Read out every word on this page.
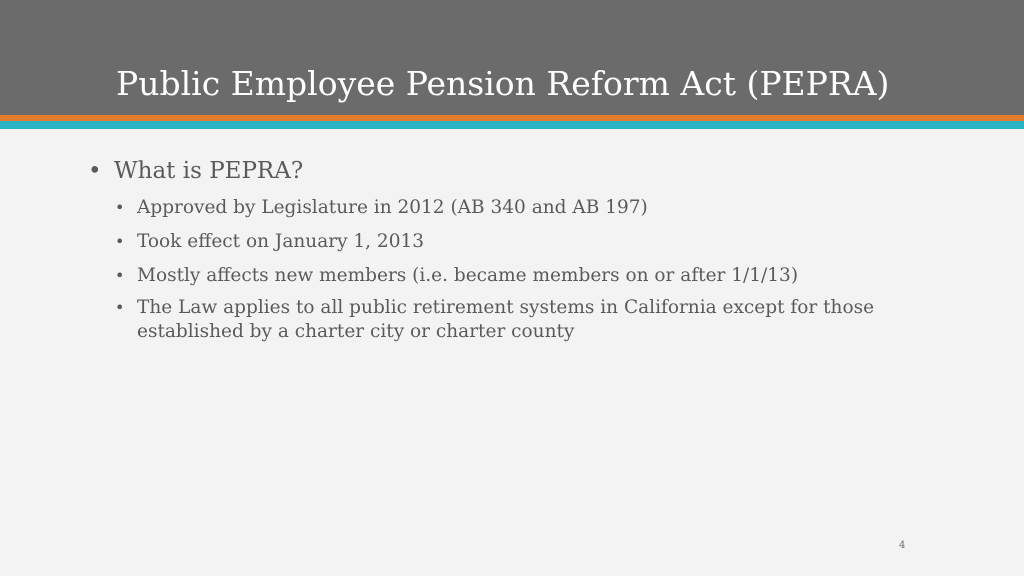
Public Employee Pension Reform Act (PEPRA)
• What is PEPRA?
• Approved by Legislature in 2012 (AB 340 and AB 197)
• Took effect on January 1, 2013
• Mostly affects new members (i.e. became members on or after 1/1/13)
• The Law applies to all public retirement systems in California except for those established by a charter city or charter county
4
